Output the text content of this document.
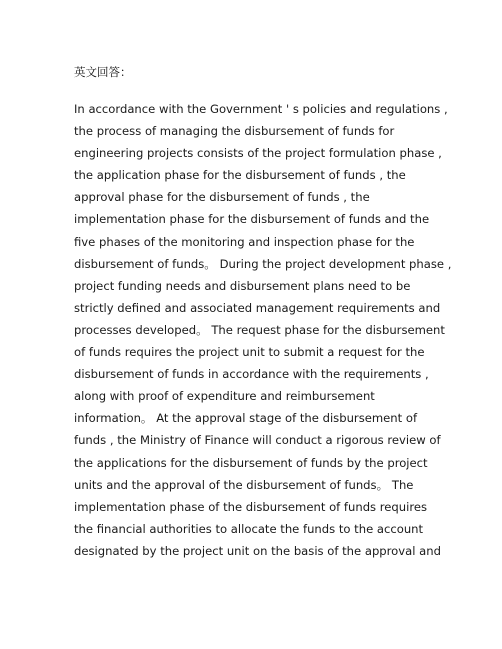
英文回答：

In accordance with the Government ' s policies and regulations ,
the process of managing the disbursement of funds for
engineering projects consists of the project formulation phase ,
the application phase for the disbursement of funds , the
approval phase for the disbursement of funds , the
implementation phase for the disbursement of funds and the
five phases of the monitoring and inspection phase for the
disbursement of funds。 During the project development phase ,
project funding needs and disbursement plans need to be
strictly defined and associated management requirements and
processes developed。 The request phase for the disbursement
of funds requires the project unit to submit a request for the
disbursement of funds in accordance with the requirements ,
along with proof of expenditure and reimbursement
information。 At the approval stage of the disbursement of
funds , the Ministry of Finance will conduct a rigorous review of
the applications for the disbursement of funds by the project
units and the approval of the disbursement of funds。 The
implementation phase of the disbursement of funds requires
the financial authorities to allocate the funds to the account
designated by the project unit on the basis of the approval and
